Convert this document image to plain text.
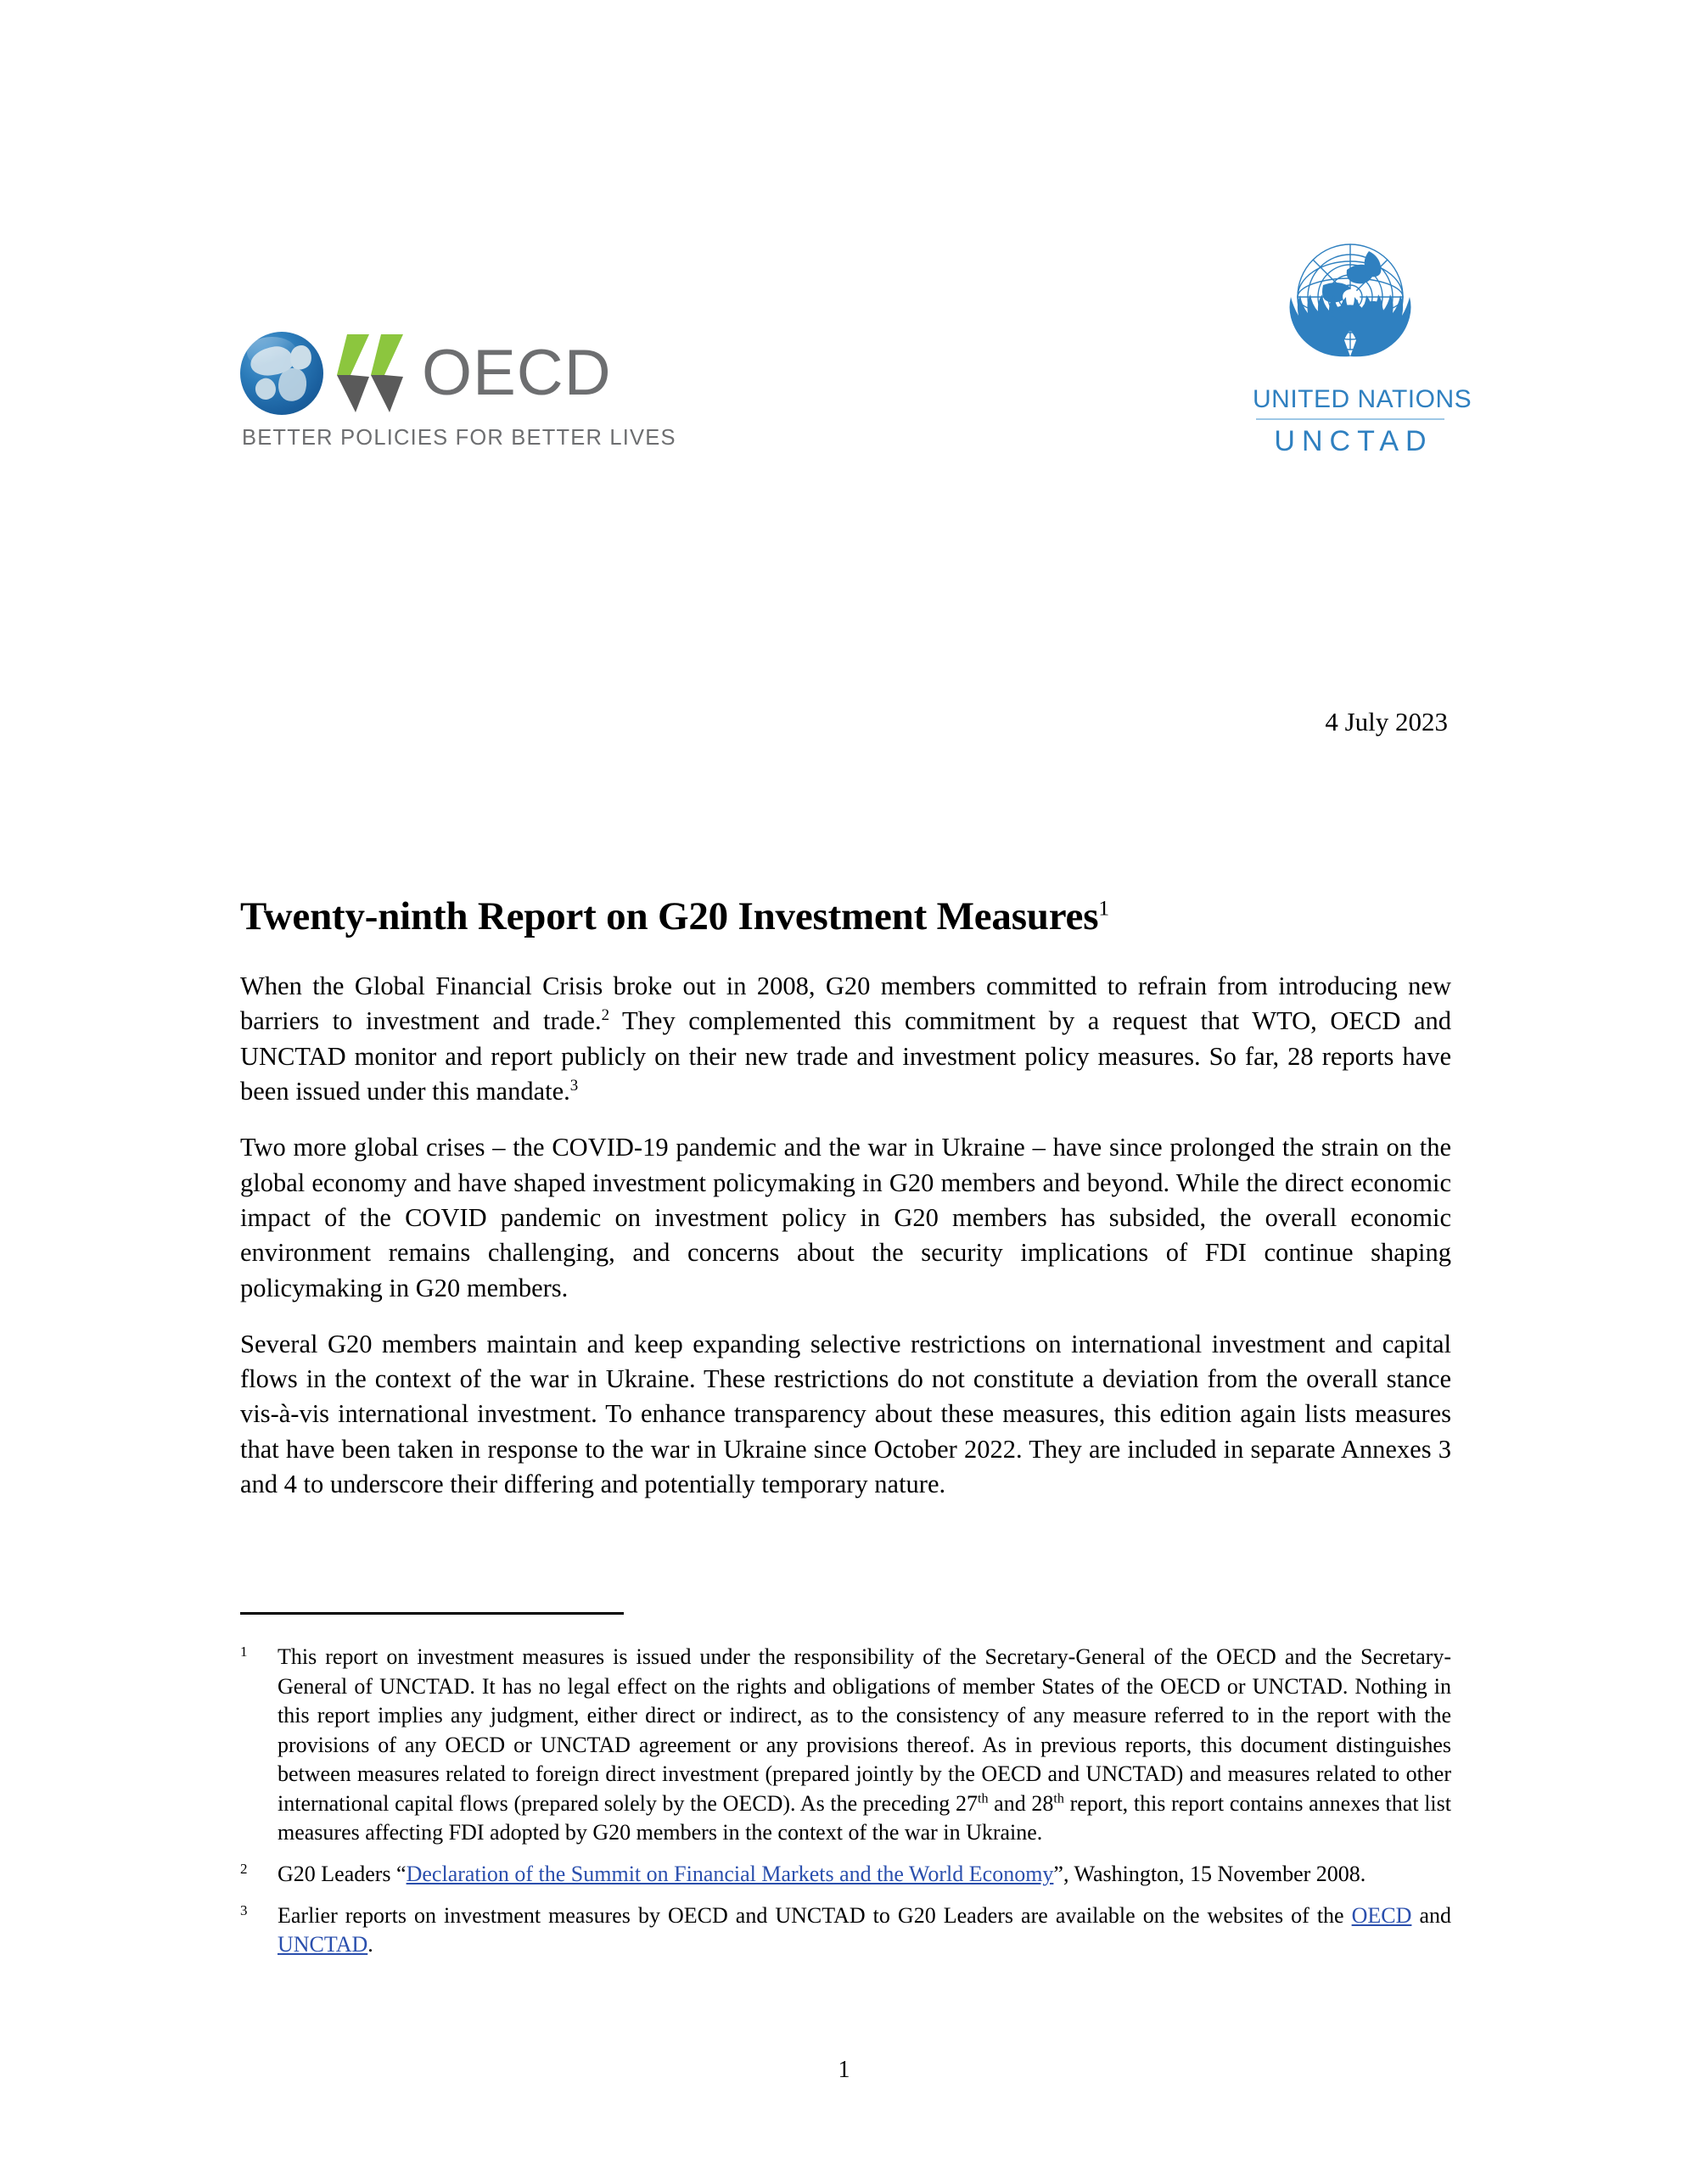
OECD
BETTER POLICIES FOR BETTER LIVES
UNITED NATIONS
UNCTAD
4 July 2023
Twenty-ninth Report on G20 Investment Measures$^1$

When the Global Financial Crisis broke out in 2008, G20 members committed to refrain from introducing new barriers to investment and trade.$^2$ They complemented this commitment by a request that WTO, OECD and UNCTAD monitor and report publicly on their new trade and investment policy measures. So far, 28 reports have been issued under this mandate.$^3$

Two more global crises – the COVID-19 pandemic and the war in Ukraine – have since prolonged the strain on the global economy and have shaped investment policymaking in G20 members and beyond. While the direct economic impact of the COVID pandemic on investment policy in G20 members has subsided, the overall economic environment remains challenging, and concerns about the security implications of FDI continue shaping policymaking in G20 members.

Several G20 members maintain and keep expanding selective restrictions on international investment and capital flows in the context of the war in Ukraine. These restrictions do not constitute a deviation from the overall stance vis-à-vis international investment. To enhance transparency about these measures, this edition again lists measures that have been taken in response to the war in Ukraine since October 2022. They are included in separate Annexes 3 and 4 to underscore their differing and potentially temporary nature.

1	This report on investment measures is issued under the responsibility of the Secretary-General of the OECD and the Secretary-General of UNCTAD. It has no legal effect on the rights and obligations of member States of the OECD or UNCTAD. Nothing in this report implies any judgment, either direct or indirect, as to the consistency of any measure referred to in the report with the provisions of any OECD or UNCTAD agreement or any provisions thereof. As in previous reports, this document distinguishes between measures related to foreign direct investment (prepared jointly by the OECD and UNCTAD) and measures related to other international capital flows (prepared solely by the OECD). As the preceding 27th and 28th report, this report contains annexes that list measures affecting FDI adopted by G20 members in the context of the war in Ukraine.
2	G20 Leaders “Declaration of the Summit on Financial Markets and the World Economy”, Washington, 15 November 2008.
3	Earlier reports on investment measures by OECD and UNCTAD to G20 Leaders are available on the websites of the OECD and UNCTAD.
1
